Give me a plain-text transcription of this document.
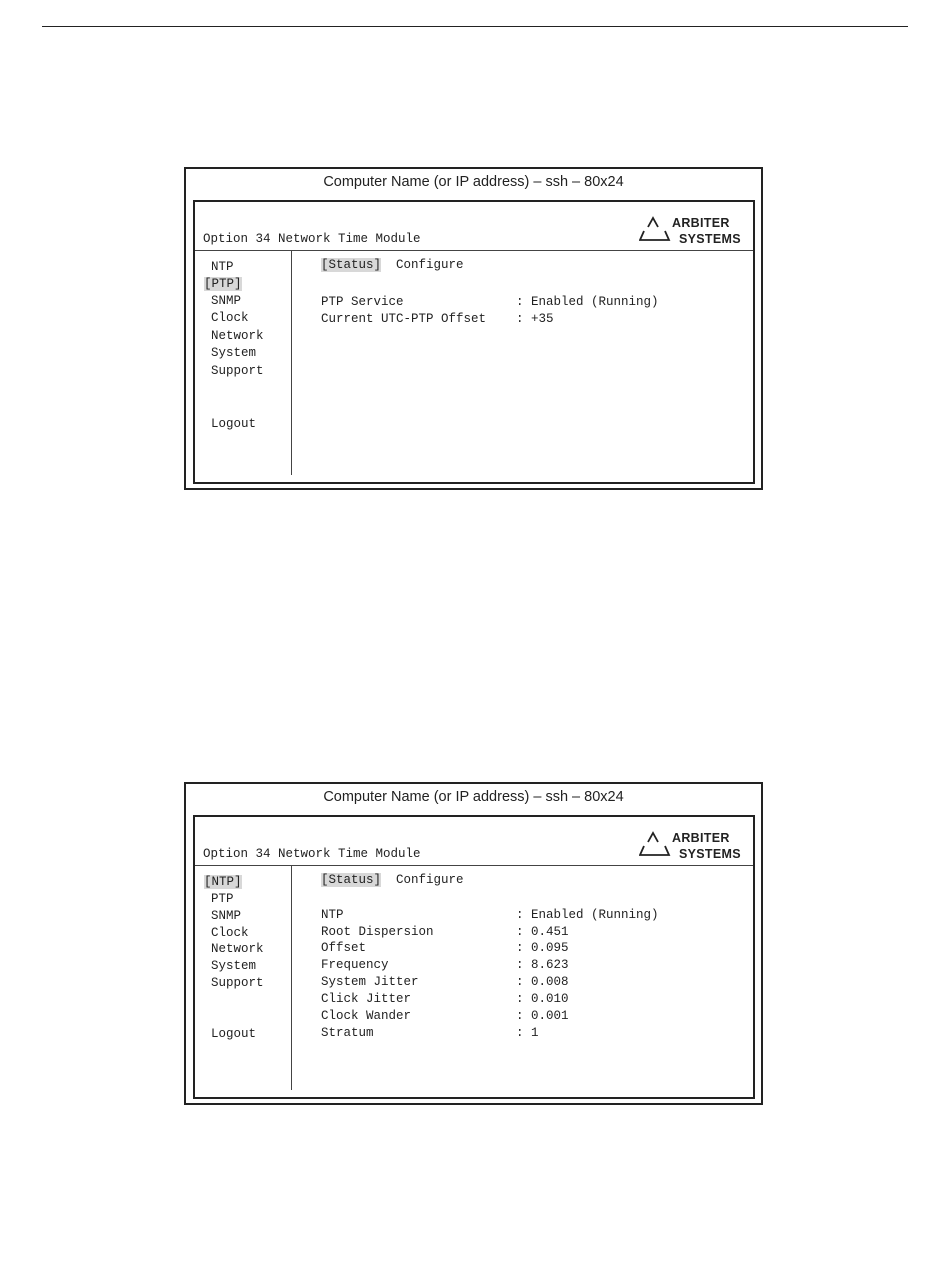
Computer Name (or IP address) – ssh – 80x24
Option 34 Network Time Module
ARBITER
SYSTEMS
NTP
[PTP]
SNMP
Clock
Network
System
Support
Logout
[Status] Configure
PTP Service	: Enabled (Running)
Current UTC-PTP Offset : +35
Computer Name (or IP address) – ssh – 80x24
Option 34 Network Time Module
ARBITER
SYSTEMS
[NTP]
PTP
SNMP
Clock
Network
System
Support
Logout
[Status] Configure
NTP	: Enabled (Running)
Root Dispersion	: 0.451
Offset	: 0.095
Frequency	: 8.623
System Jitter	: 0.008
Click Jitter	: 0.010
Clock Wander	: 0.001
Stratum	: 1
